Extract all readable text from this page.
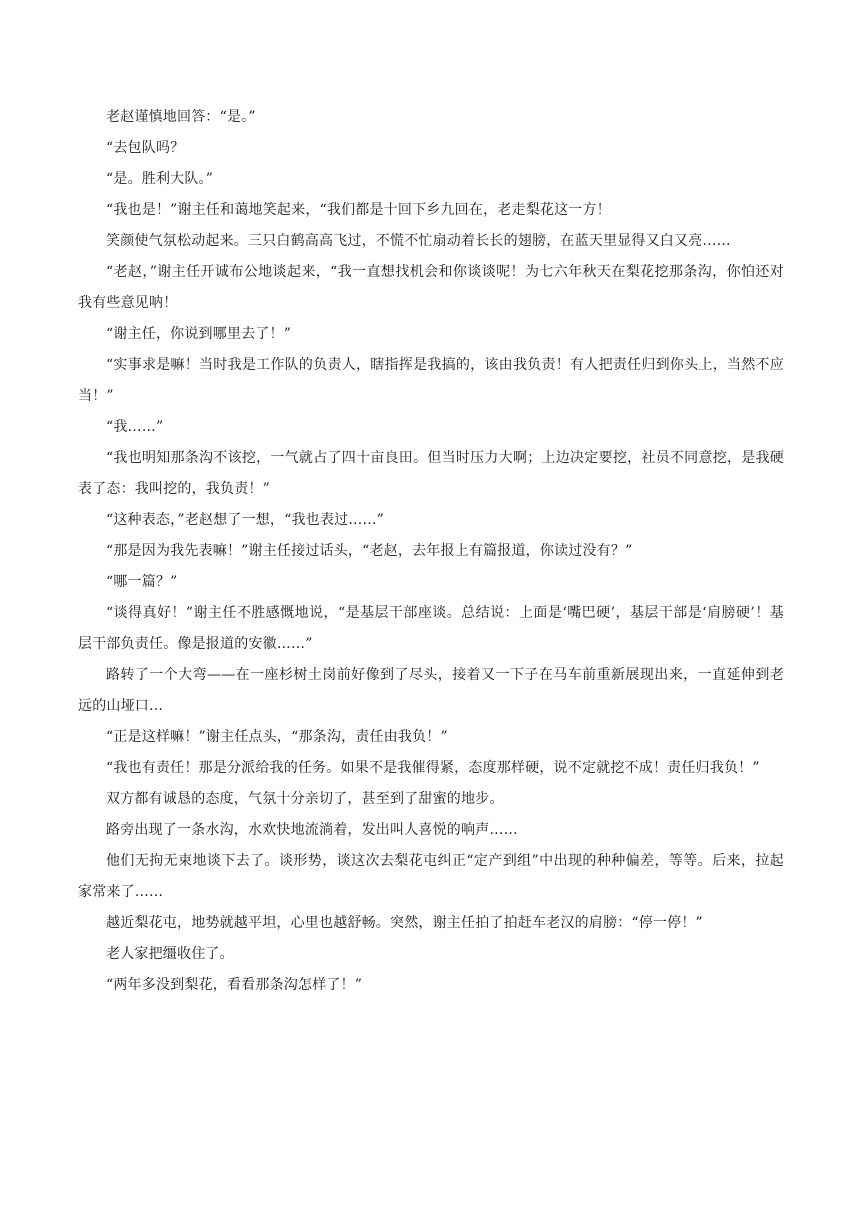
老赵谨慎地回答：“是。”

“去包队吗？

“是。胜利大队。”

“我也是！”谢主任和蔼地笑起来，“我们都是十回下乡九回在，老走梨花这一方！

笑颜使气氛松动起来。三只白鹤高高飞过，不慌不忙扇动着长长的翅膀，在蓝天里显得又白又亮……

“老赵，”谢主任开诚布公地谈起来，“我一直想找机会和你谈谈呢！为七六年秋天在梨花挖那条沟，你怕还对我有些意见呐！

“谢主任，你说到哪里去了！”

“实事求是嘛！当时我是工作队的负责人，瞎指挥是我搞的，该由我负责！有人把责任归到你头上，当然不应当！”

“我……”

“我也明知那条沟不该挖，一气就占了四十亩良田。但当时压力大啊；上边决定要挖，社员不同意挖，是我硬表了态：我叫挖的，我负责！”

“这种表态，”老赵想了一想，“我也表过……”

“那是因为我先表嘛！”谢主任接过话头，“老赵，去年报上有篇报道，你读过没有？”

“哪一篇？”

“谈得真好！”谢主任不胜感慨地说，“是基层干部座谈。总结说：上面是‘嘴巴硬’，基层干部是‘肩膀硬’！基层干部负责任。像是报道的安徽……”

路转了一个大弯——在一座杉树土岗前好像到了尽头，接着又一下子在马车前重新展现出来，一直延伸到老远的山垭口…

“正是这样嘛！”谢主任点头，“那条沟，责任由我负！”

“我也有责任！那是分派给我的任务。如果不是我催得紧，态度那样硬，说不定就挖不成！责任归我负！”

双方都有诚恳的态度，气氛十分亲切了，甚至到了甜蜜的地步。

路旁出现了一条水沟，水欢快地流淌着，发出叫人喜悦的响声……

他们无拘无束地谈下去了。谈形势，谈这次去梨花屯纠正“定产到组”中出现的种种偏差，等等。后来，拉起家常来了……

越近梨花屯，地势就越平坦，心里也越舒畅。突然，谢主任拍了拍赶车老汉的肩膀：“停一停！”

老人家把缰收住了。

“两年多没到梨花，看看那条沟怎样了！”
